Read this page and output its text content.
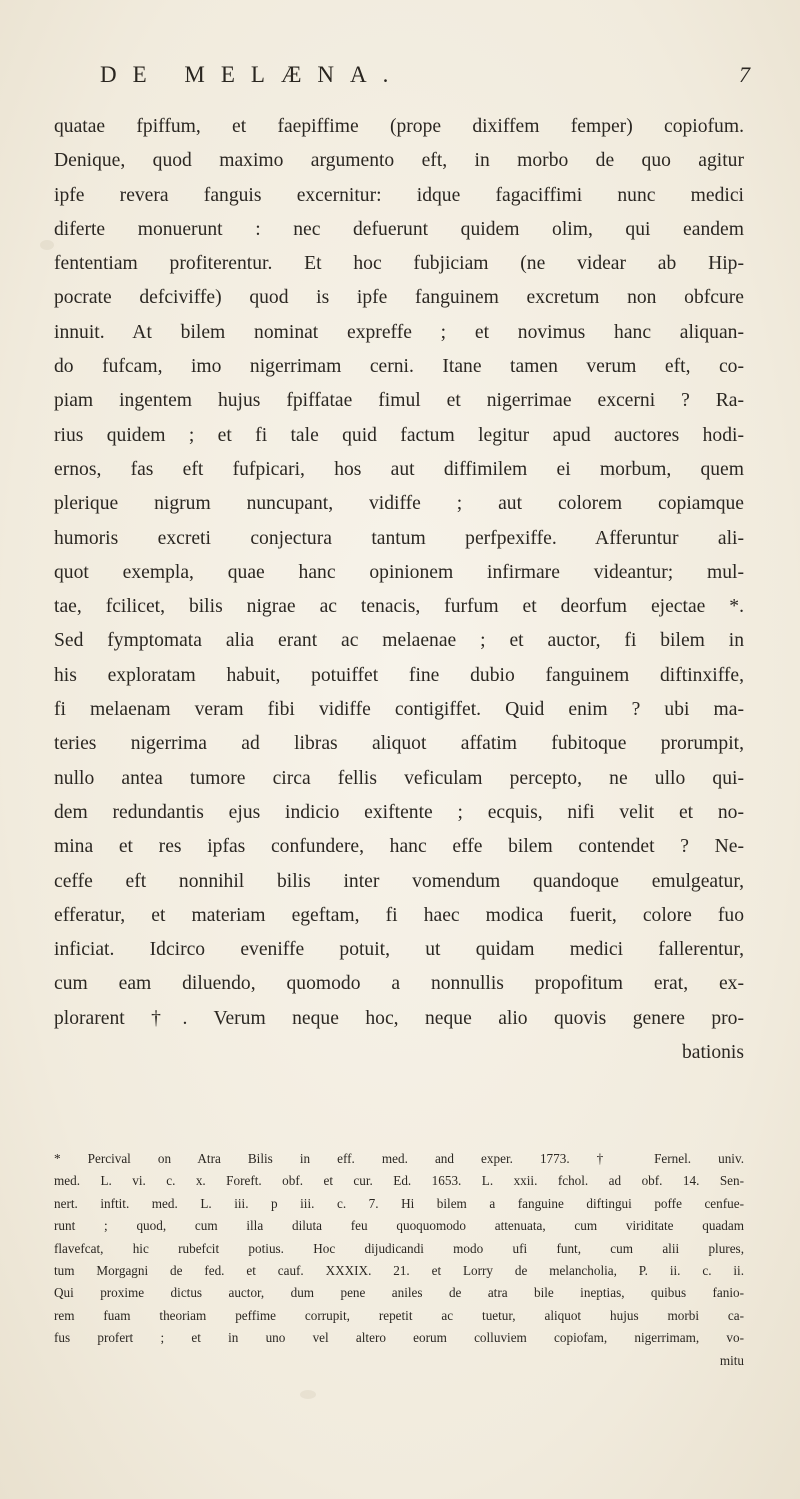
DE MELÆNA.	7
quatae fpiffum, et faepiffime (prope dixiffem femper) copiofum.
Denique, quod maximo argumento eft, in morbo de quo agitur
ipfe revera fanguis excernitur: idque fagaciffimi nunc medici
diferte monuerunt : nec defuerunt quidem olim, qui eandem
fententiam profiterentur. Et hoc fubjiciam (ne videar ab Hip-
pocrate defciviffe) quod is ipfe fanguinem excretum non obfcure
innuit. At bilem nominat expreffe ; et novimus hanc aliquan-
do fufcam, imo nigerrimam cerni. Itane tamen verum eft, co-
piam ingentem hujus fpiffatae fimul et nigerrimae excerni ? Ra-
rius quidem ; et fi tale quid factum legitur apud auctores hodi-
ernos, fas eft fufpicari, hos aut diffimilem ei morbum, quem
plerique nigrum nuncupant, vidiffe ; aut colorem copiamque
humoris excreti conjectura tantum perfpexiffe. Afferuntur ali-
quot exempla, quae hanc opinionem infirmare videantur; mul-
tae, fcilicet, bilis nigrae ac tenacis, furfum et deorfum ejectae *.
Sed fymptomata alia erant ac melaenae ; et auctor, fi bilem in
his exploratam habuit, potuiffet fine dubio fanguinem diftinxiffe,
fi melaenam veram fibi vidiffe contigiffet. Quid enim ? ubi ma-
teries nigerrima ad libras aliquot affatim fubitoque prorumpit,
nullo antea tumore circa fellis veficulam percepto, ne ullo qui-
dem redundantis ejus indicio exiftente ; ecquis, nifi velit et no-
mina et res ipfas confundere, hanc effe bilem contendet ? Ne-
ceffe eft nonnihil bilis inter vomendum quandoque emulgeatur,
efferatur, et materiam egeftam, fi haec modica fuerit, colore fuo
inficiat. Idcirco eveniffe potuit, ut quidam medici fallerentur,
cum eam diluendo, quomodo a nonnullis propofitum erat, ex-
plorarent †. Verum neque hoc, neque alio quovis genere pro-
bationis
* Percival on Atra Bilis in eff. med. and exper. 1773. † Fernel. univ.
med. L. vi. c. x. Foreft. obf. et cur. Ed. 1653. L. xxii. fchol. ad obf. 14. Sen-
nert. inftit. med. L. iii. p iii. c. 7. Hi bilem a fanguine diftingui poffe cenfue-
runt ; quod, cum illa diluta feu quoquomodo attenuata, cum viriditate quadam
flavefcat, hic rubefcit potius. Hoc dijudicandi modo ufi funt, cum alii plures,
tum Morgagni de fed. et cauf. XXXIX. 21. et Lorry de melancholia, P. ii. c. ii.
Qui proxime dictus auctor, dum pene aniles de atra bile ineptias, quibus fanio-
rem fuam theoriam peffime corrupit, repetit ac tuetur, aliquot hujus morbi ca-
fus profert ; et in uno vel altero eorum colluviem copiofam, nigerrimam, vo-
mitu
